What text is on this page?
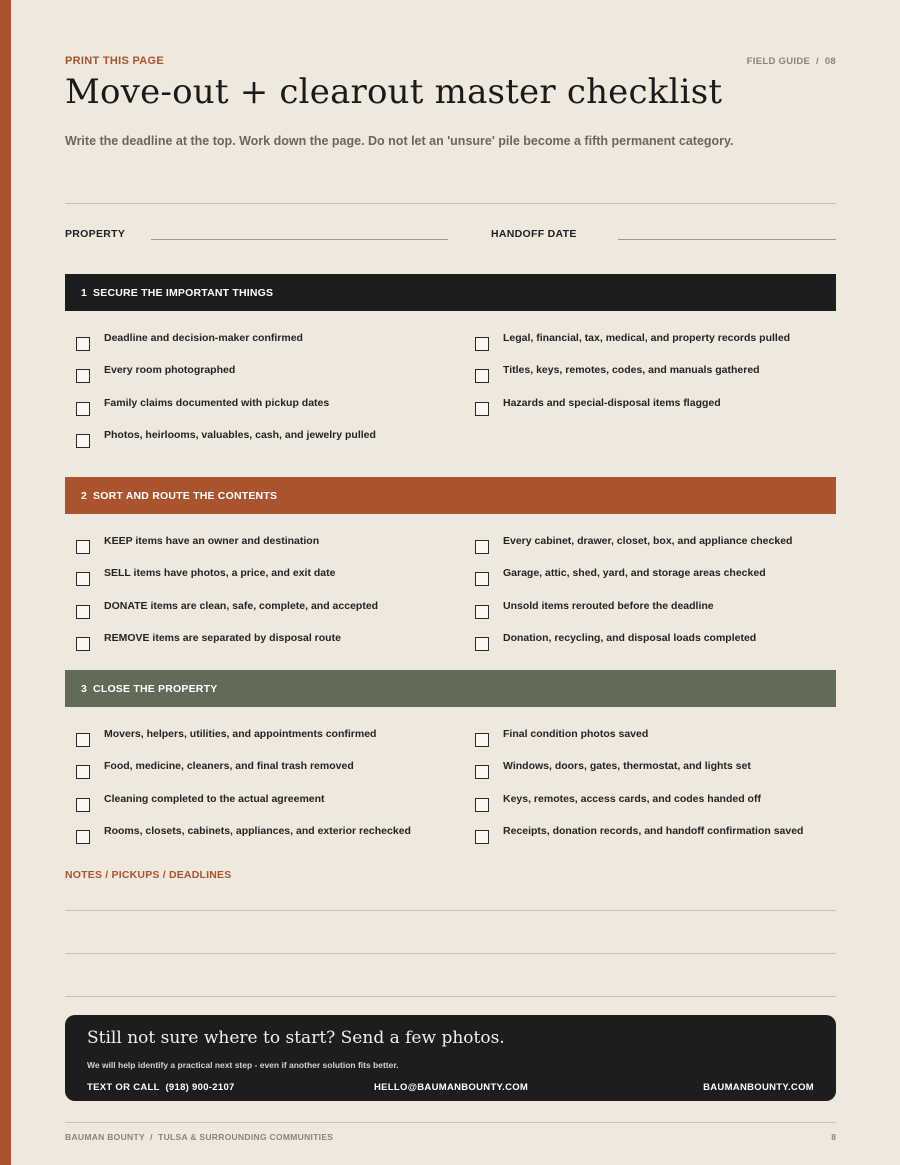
PRINT THIS PAGE	FIELD GUIDE  /  08
Move-out + clearout master checklist
Write the deadline at the top. Work down the page. Do not let an 'unsure' pile become a fifth permanent category.
PROPERTY	HANDOFF DATE
1 SECURE THE IMPORTANT THINGS
Deadline and decision-maker confirmed
Every room photographed
Family claims documented with pickup dates
Photos, heirlooms, valuables, cash, and jewelry pulled
Legal, financial, tax, medical, and property records pulled
Titles, keys, remotes, codes, and manuals gathered
Hazards and special-disposal items flagged
2 SORT AND ROUTE THE CONTENTS
KEEP items have an owner and destination
SELL items have photos, a price, and exit date
DONATE items are clean, safe, complete, and accepted
REMOVE items are separated by disposal route
Every cabinet, drawer, closet, box, and appliance checked
Garage, attic, shed, yard, and storage areas checked
Unsold items rerouted before the deadline
Donation, recycling, and disposal loads completed
3 CLOSE THE PROPERTY
Movers, helpers, utilities, and appointments confirmed
Food, medicine, cleaners, and final trash removed
Cleaning completed to the actual agreement
Rooms, closets, cabinets, appliances, and exterior rechecked
Final condition photos saved
Windows, doors, gates, thermostat, and lights set
Keys, remotes, access cards, and codes handed off
Receipts, donation records, and handoff confirmation saved
NOTES / PICKUPS / DEADLINES
Still not sure where to start? Send a few photos.
We will help identify a practical next step - even if another solution fits better.
TEXT OR CALL  (918) 900-2107	HELLO@BAUMANBOUNTY.COM	BAUMANBOUNTY.COM
BAUMAN BOUNTY  /  TULSA & SURROUNDING COMMUNITIES	8
